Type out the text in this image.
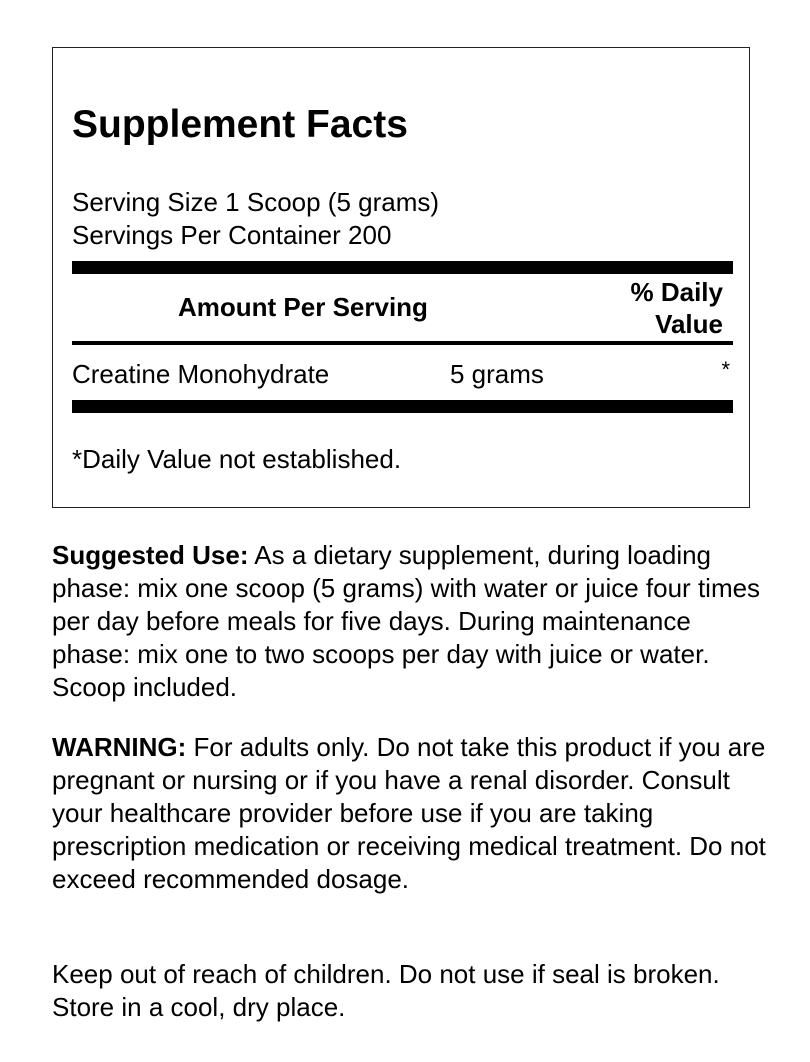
Supplement Facts
Serving Size 1 Scoop (5 grams)
Servings Per Container 200
Amount Per Serving	% Daily
Value
Creatine Monohydrate	5 grams	*
*Daily Value not established.
Suggested Use: As a dietary supplement, during loading phase: mix one scoop (5 grams) with water or juice four times per day before meals for five days. During maintenance phase: mix one to two scoops per day with juice or water. Scoop included.
WARNING: For adults only. Do not take this product if you are pregnant or nursing or if you have a renal disorder. Consult your healthcare provider before use if you are taking prescription medication or receiving medical treatment. Do not exceed recommended dosage.
Keep out of reach of children. Do not use if seal is broken. Store in a cool, dry place.
